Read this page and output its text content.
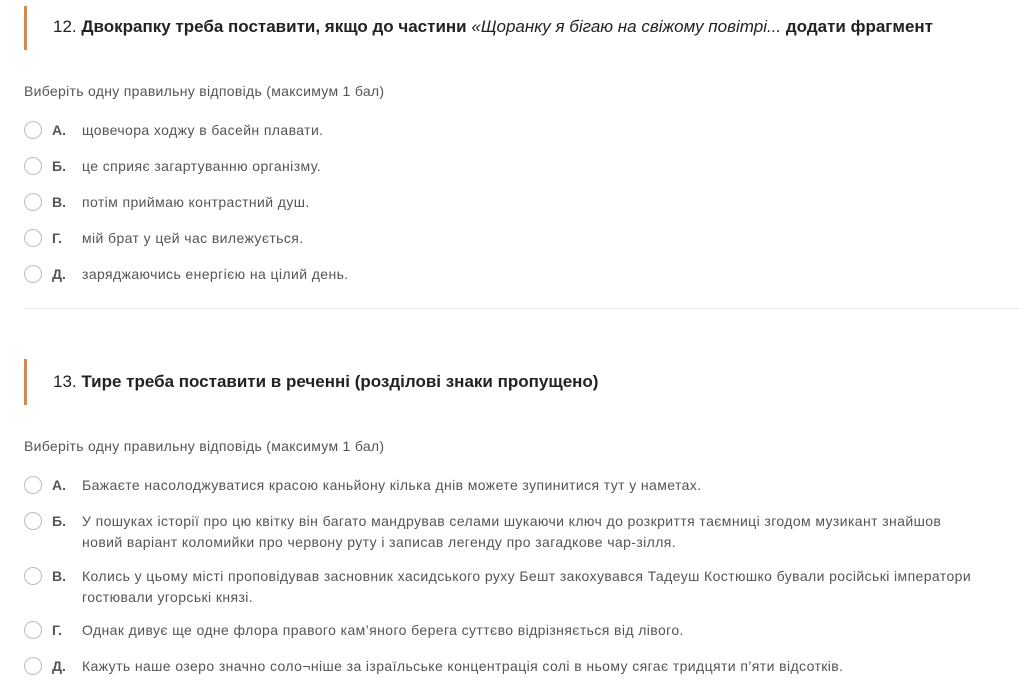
12. Двокрапку треба поставити, якщо до частини «Щоранку я бігаю на свіжому повітрі... додати фрагмент
Виберіть одну правильну відповідь (максимум 1 бал)
А.	щовечора ходжу в басейн плавати.
Б.	це сприяє загартуванню організму.
В.	потім приймаю контрастний душ.
Г.	мій брат у цей час вилежується.
Д.	заряджаючись енергією на цілий день.
13. Тире треба поставити в реченні (розділові знаки пропущено)
Виберіть одну правильну відповідь (максимум 1 бал)
А.	Бажаєте насолоджуватися красою каньйону кілька днів можете зупинитися тут у наметах.
Б.	У пошуках історії про цю квітку він багато мандрував селами шукаючи ключ до розкриття таємниці згодом музикант знайшов новий варіант коломийки про червону руту і записав легенду про загадкове чар-зілля.
В.	Колись у цьому місті проповідував засновник хасидського руху Бешт закохувався Тадеуш Костюшко бували російські імператори гостювали угорські князі.
Г.	Однак дивує ще одне флора правого кам’яного берега суттєво відрізняється від лівого.
Д.	Кажуть наше озеро значно соло¬ніше за ізраїльське концентрація солі в ньому сягає тридцяти п’яти відсотків.
